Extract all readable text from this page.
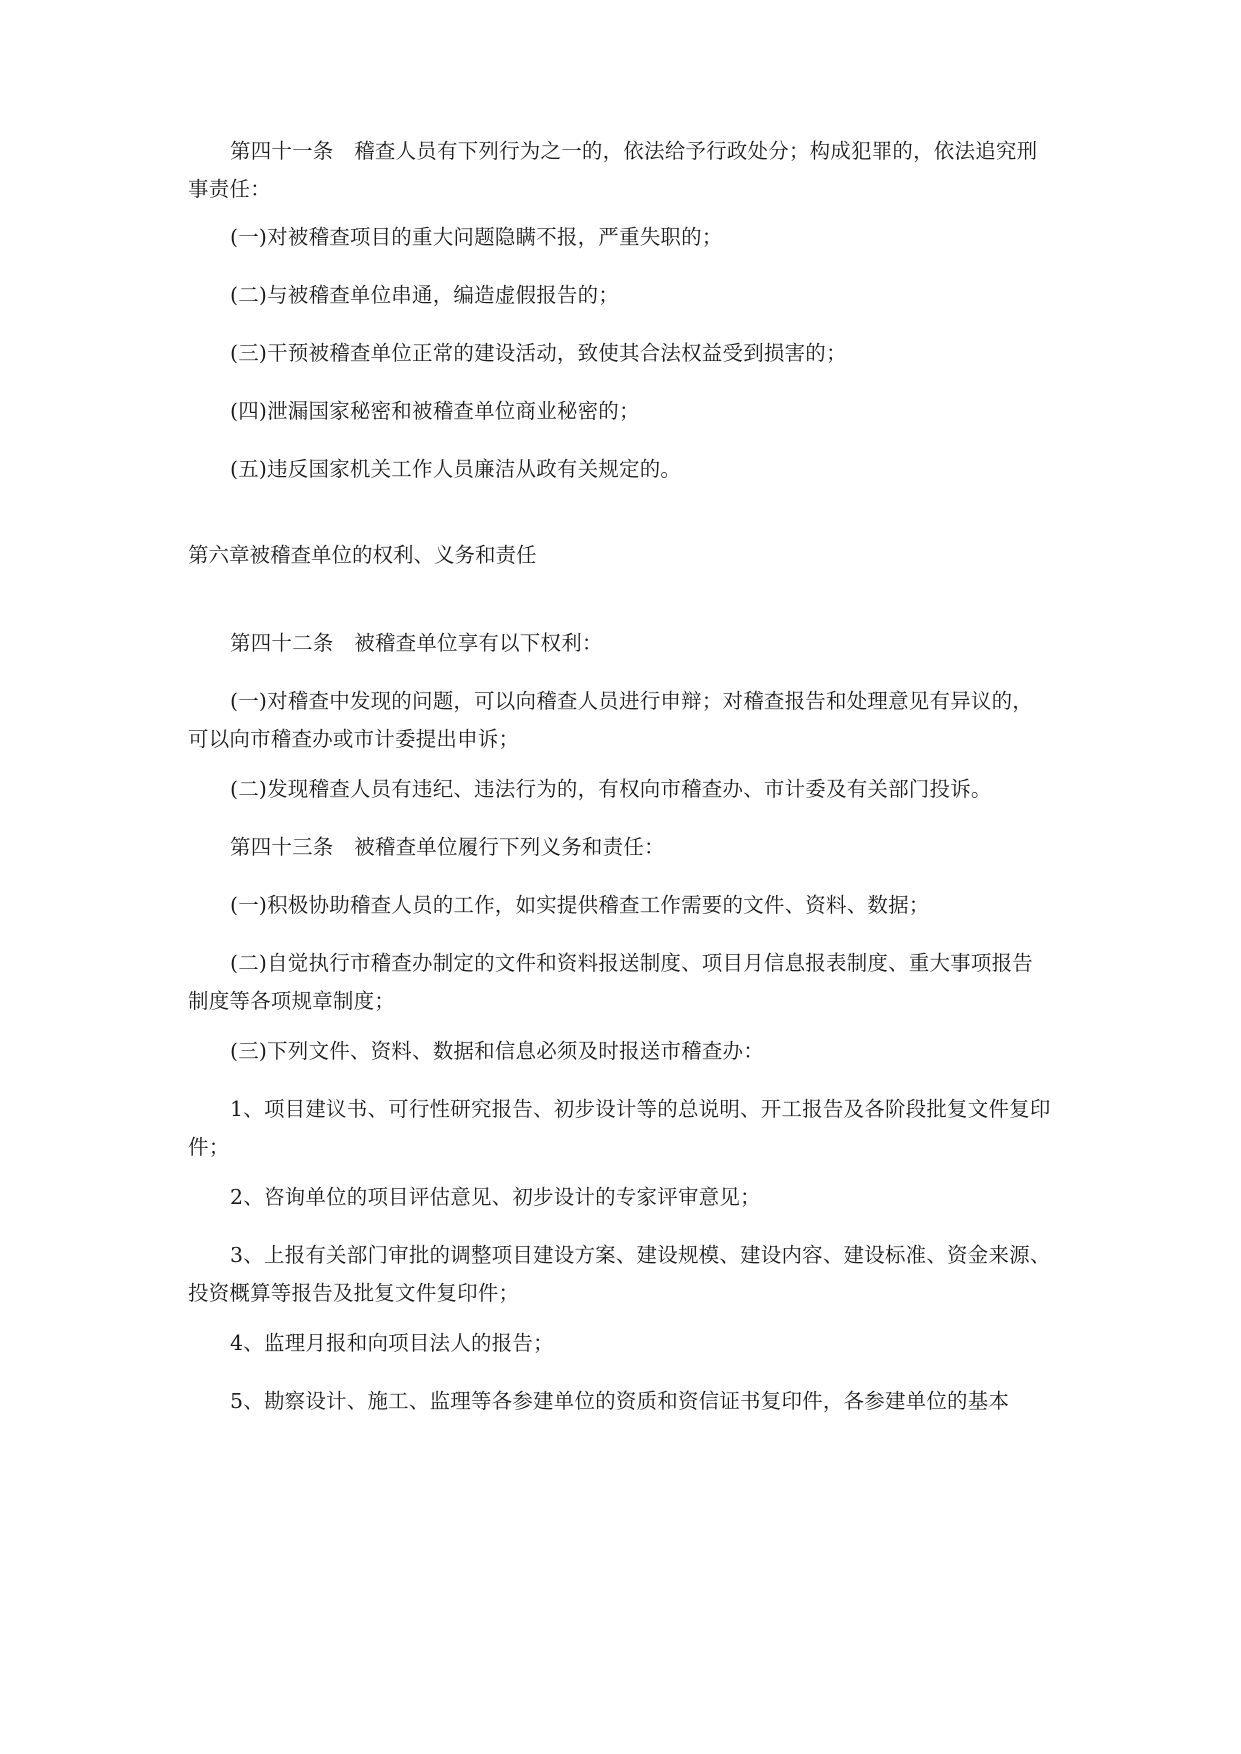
第四十一条　稽查人员有下列行为之一的，依法给予行政处分；构成犯罪的，依法追究刑事责任：

(一)对被稽查项目的重大问题隐瞒不报，严重失职的；

(二)与被稽查单位串通，编造虚假报告的；

(三)干预被稽查单位正常的建设活动，致使其合法权益受到损害的；

(四)泄漏国家秘密和被稽查单位商业秘密的；

(五)违反国家机关工作人员廉洁从政有关规定的。

第六章被稽查单位的权利、义务和责任

第四十二条　被稽查单位享有以下权利：

(一)对稽查中发现的问题，可以向稽查人员进行申辩；对稽查报告和处理意见有异议的，可以向市稽查办或市计委提出申诉；

(二)发现稽查人员有违纪、违法行为的，有权向市稽查办、市计委及有关部门投诉。

第四十三条　被稽查单位履行下列义务和责任：

(一)积极协助稽查人员的工作，如实提供稽查工作需要的文件、资料、数据；

(二)自觉执行市稽查办制定的文件和资料报送制度、项目月信息报表制度、重大事项报告制度等各项规章制度；

(三)下列文件、资料、数据和信息必须及时报送市稽查办：

1、项目建议书、可行性研究报告、初步设计等的总说明、开工报告及各阶段批复文件复印件；

2、咨询单位的项目评估意见、初步设计的专家评审意见；

3、上报有关部门审批的调整项目建设方案、建设规模、建设内容、建设标准、资金来源、投资概算等报告及批复文件复印件；

4、监理月报和向项目法人的报告；

5、勘察设计、施工、监理等各参建单位的资质和资信证书复印件，各参建单位的基本
